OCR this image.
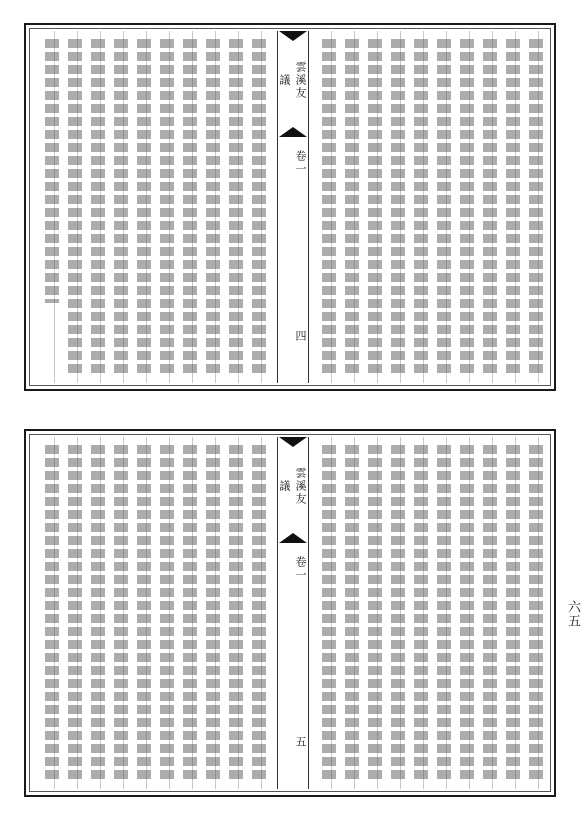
雲溪友議
卷一
四
雲溪友議
卷一
五
六五
